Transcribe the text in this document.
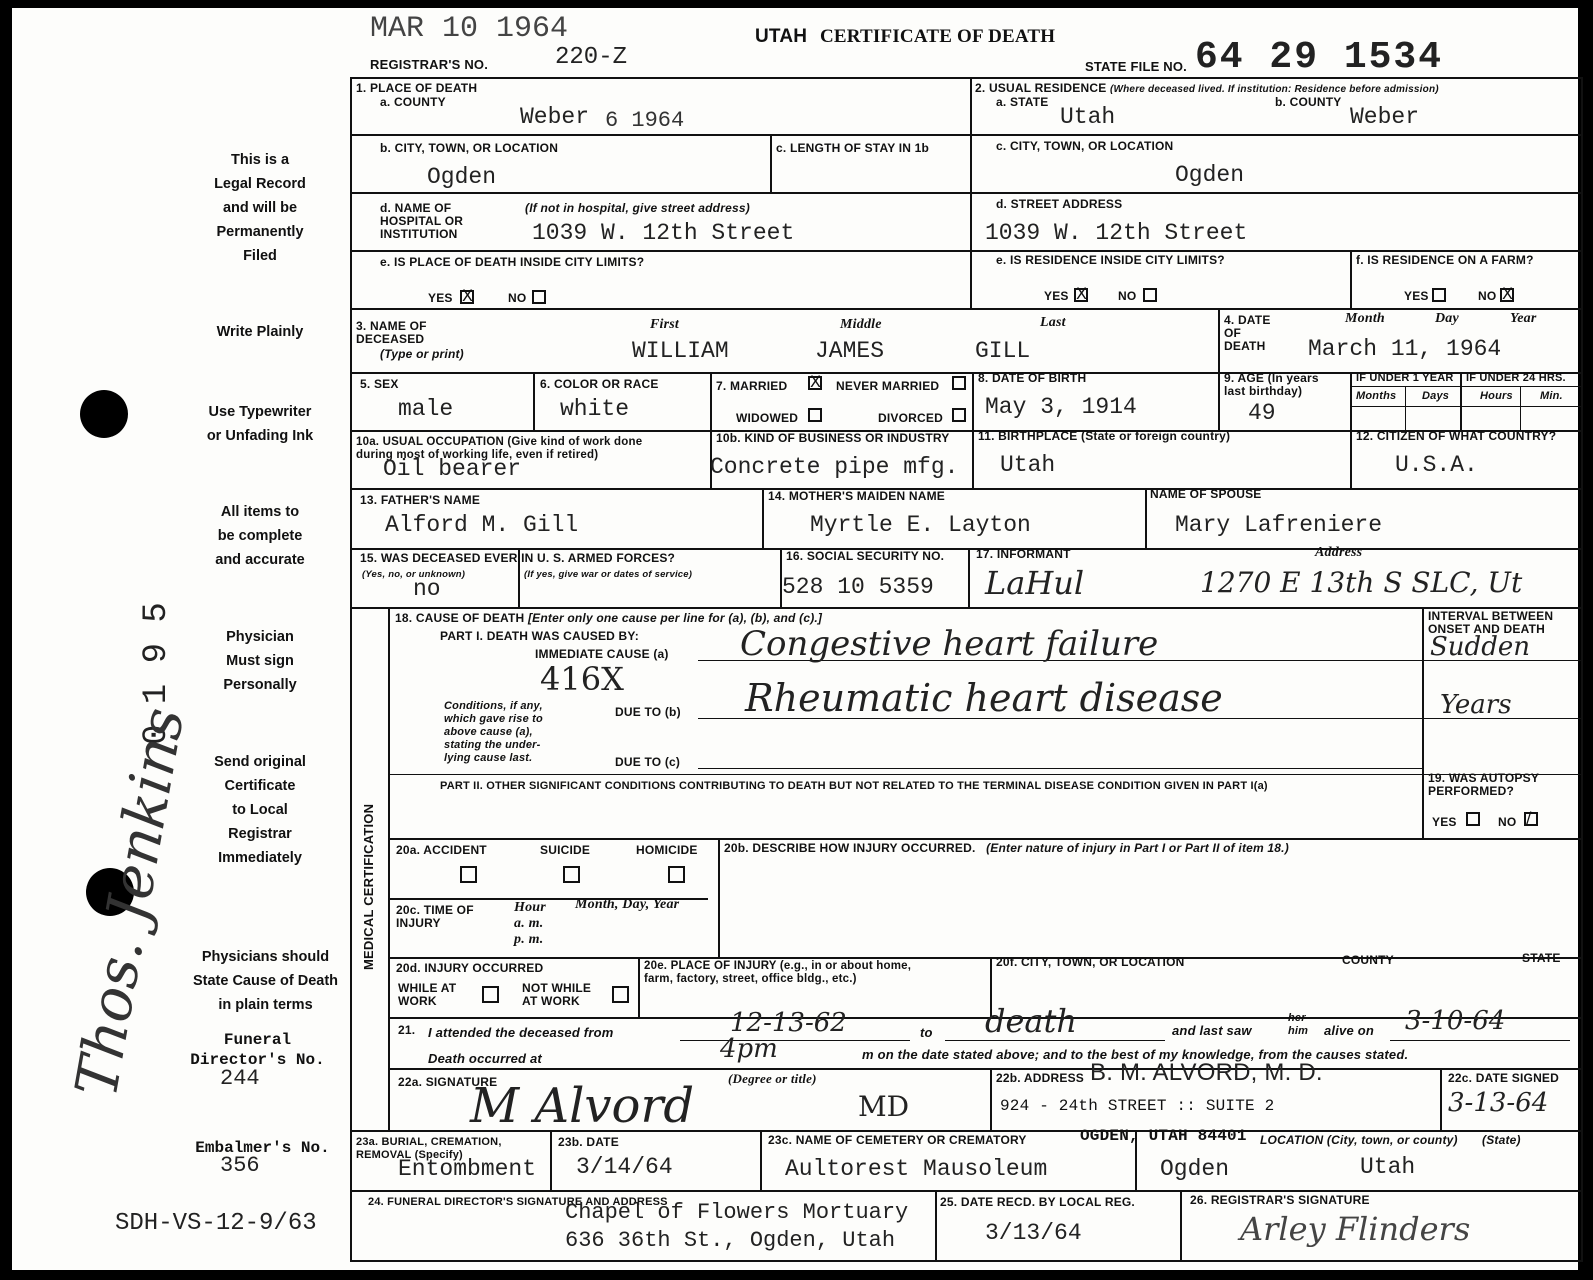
MAR 10 1964
REGISTRAR'S NO.	220-Z
UTAH CERTIFICATE OF DEATH
STATE FILE NO. 64 29 1534
This is a
Legal Record
and will be
Permanently
Filed
Write Plainly
Use Typewriter
or Unfading Ink
All items to
be complete
and accurate
Physician
Must sign
Personally
Send original
Certificate
to Local
Registrar
Immediately
Physicians should
State Cause of Death
in plain terms
Funeral
Director's No.
244
Embalmer's No.
356
SDH-VS-12-9/63
0 1 9 5
Thos. Jenkins	MEDICAL CERTIFICATION
1. PLACE OF DEATH
a. COUNTY
Weber 6 1964
2. USUAL RESIDENCE (Where deceased lived. If institution: Residence before admission)
a. STATE
Utah
b. COUNTY
Weber
b. CITY, TOWN, OR LOCATION
Ogden
c. LENGTH OF STAY IN 1b	c. CITY, TOWN, OR LOCATION
Ogden
d. NAME OF
HOSPITAL OR
INSTITUTION
(If not in hospital, give street address)
1039 W. 12th Street
d. STREET ADDRESS
1039 W. 12th Street
e. IS PLACE OF DEATH INSIDE CITY LIMITS?
YES X	NO
e. IS RESIDENCE INSIDE CITY LIMITS?
YES X	NO
f. IS RESIDENCE ON A FARM?
YES	NO X
3. NAME OF
DECEASED
(Type or print)
First	Middle	Last
WILLIAM	JAMES	GILL
4. DATE
OF
DEATH
Month	Day	Year
March 11, 1964
5. SEX
male
6. COLOR OR RACE
white
7. MARRIED X NEVER MARRIED
WIDOWED	DIVORCED
8. DATE OF BIRTH
May 3, 1914
9. AGE (In years
last birthday)
49
IF UNDER 1 YEAR IF UNDER 24 HRS.
Months Days	Hours Min.
10a. USUAL OCCUPATION (Give kind of work done
during most of working life, even if retired)
Oil bearer
10b. KIND OF BUSINESS OR INDUSTRY
Concrete pipe mfg.
11. BIRTHPLACE (State or foreign country)
Utah
12. CITIZEN OF WHAT COUNTRY?
U.S.A.
13. FATHER'S NAME
Alford M. Gill
14. MOTHER'S MAIDEN NAME
Myrtle E. Layton
NAME OF SPOUSE
Mary Lafreniere
15. WAS DECEASED EVER IN U. S. ARMED FORCES?
(Yes, no, or unknown)	(If yes, give war or dates of service)
no
16. SOCIAL SECURITY NO.
528 10 5359
17. INFORMANT	Address
LaHul	1270 E 13th S SLC, Ut
18. CAUSE OF DEATH [Enter only one cause per line for (a), (b), and (c).]
PART I. DEATH WAS CAUSED BY:
IMMEDIATE CAUSE (a) Congestive heart failure
416X
Conditions, if any,
which gave rise to
above cause (a),
stating the under-
lying cause last.
DUE TO (b) Rheumatic heart disease
DUE TO (c)
INTERVAL BETWEEN
ONSET AND DEATH
Sudden
Years
PART II. OTHER SIGNIFICANT CONDITIONS CONTRIBUTING TO DEATH BUT NOT RELATED TO THE TERMINAL DISEASE CONDITION GIVEN IN PART I(a)
19. WAS AUTOPSY
PERFORMED?
YES	NO /
20a. ACCIDENT	SUICIDE	HOMICIDE 20b. DESCRIBE HOW INJURY OCCURRED. (Enter nature of injury in Part I or Part II of item 18.)
20c. TIME OF
INJURY
Hour
a. m.
p. m.
Month, Day, Year
20d. INJURY OCCURRED
WHILE AT
WORK
NOT WHILE
AT WORK
20e. PLACE OF INJURY (e.g., in or about home,
farm, factory, street, office bldg., etc.)
20f. CITY, TOWN, OR LOCATION	COUNTY	STATE
21. I attended the deceased from	12-13-62	to death	and last saw
her
him alive on 3-10-64
Death occurred at	4pm	m on the date stated above; and to the best of my knowledge, from the causes stated.
22a. SIGNATURE	(Degree or title)
M Alvord	MD
22b. ADDRESS B. M. ALVORD, M. D.
924 - 24th STREET :: SUITE 2
OGDEN, UTAH 84401
22c. DATE SIGNED
3-13-64
23a. BURIAL, CREMATION,
REMOVAL (Specify)
Entombment
23b. DATE
3/14/64
23c. NAME OF CEMETERY OR CREMATORY
Aultorest Mausoleum
LOCATION (City, town, or county) (State)
Ogden	Utah
24. FUNERAL DIRECTOR'S SIGNATURE AND ADDRESS
Chapel of Flowers Mortuary
636 36th St., Ogden, Utah
25. DATE RECD. BY LOCAL REG.
3/13/64
26. REGISTRAR'S SIGNATURE
Arley Flinders
